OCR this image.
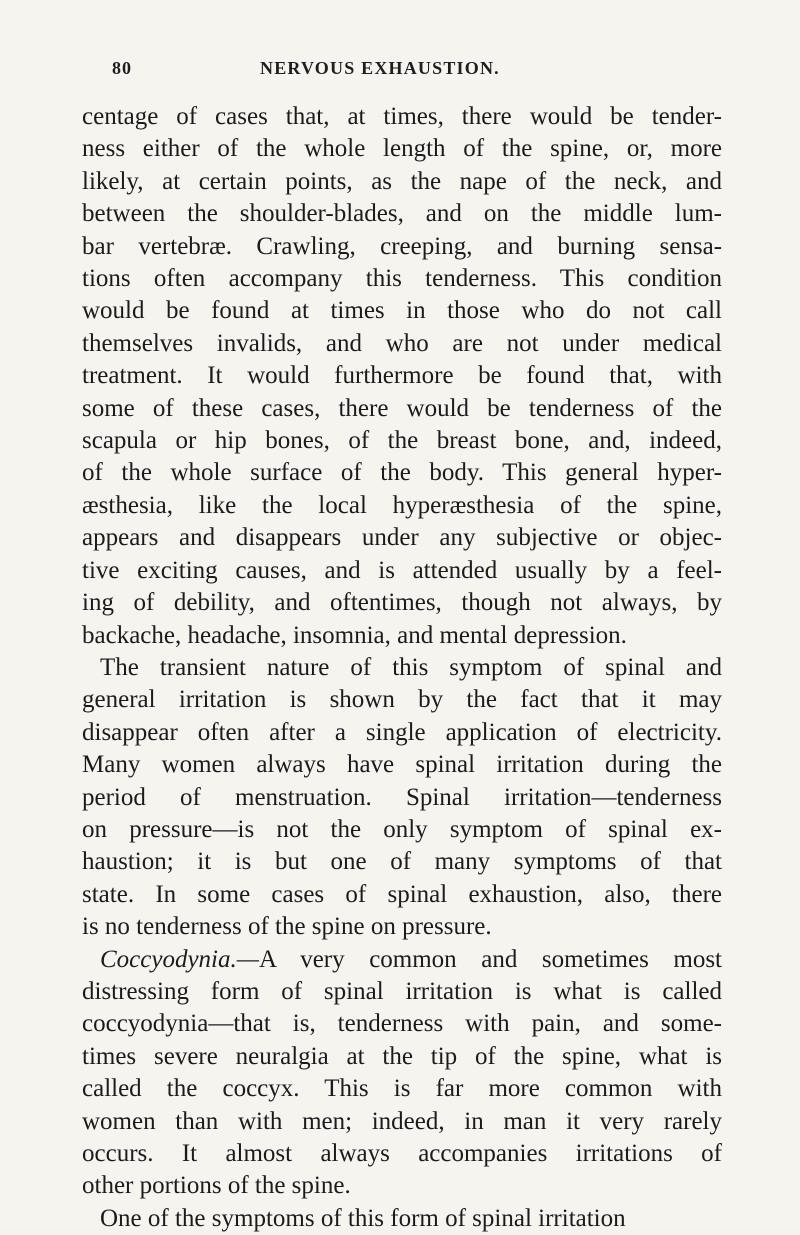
80	NERVOUS EXHAUSTION.
centage of cases that, at times, there would be tender-
ness either of the whole length of the spine, or, more
likely, at certain points, as the nape of the neck, and
between the shoulder-blades, and on the middle lum-
bar vertebræ. Crawling, creeping, and burning sensa-
tions often accompany this tenderness. This condition
would be found at times in those who do not call
themselves invalids, and who are not under medical
treatment. It would furthermore be found that, with
some of these cases, there would be tenderness of the
scapula or hip bones, of the breast bone, and, indeed,
of the whole surface of the body. This general hyper-
æsthesia, like the local hyperæsthesia of the spine,
appears and disappears under any subjective or objec-
tive exciting causes, and is attended usually by a feel-
ing of debility, and oftentimes, though not always, by
backache, headache, insomnia, and mental depression.
The transient nature of this symptom of spinal and
general irritation is shown by the fact that it may
disappear often after a single application of electricity.
Many women always have spinal irritation during the
period of menstruation. Spinal irritation—tenderness
on pressure—is not the only symptom of spinal ex-
haustion; it is but one of many symptoms of that
state. In some cases of spinal exhaustion, also, there
is no tenderness of the spine on pressure.
Coccyodynia.—A very common and sometimes most
distressing form of spinal irritation is what is called
coccyodynia—that is, tenderness with pain, and some-
times severe neuralgia at the tip of the spine, what is
called the coccyx. This is far more common with
women than with men; indeed, in man it very rarely
occurs. It almost always accompanies irritations of
other portions of the spine.
One of the symptoms of this form of spinal irritation
